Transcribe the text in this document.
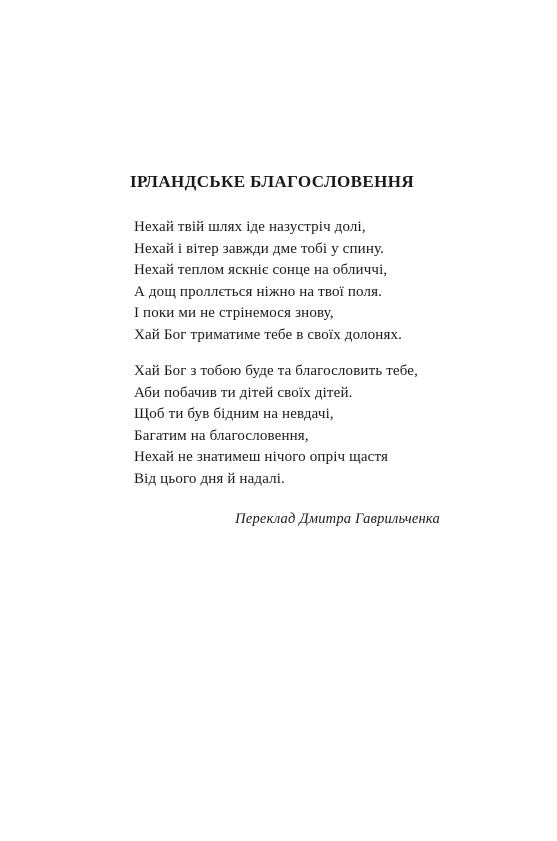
ІРЛАНДСЬКЕ БЛАГОСЛОВЕННЯ
Нехай твій шлях іде назустріч долі,
Нехай і вітер завжди дме тобі у спину.
Нехай теплом яскніє сонце на обличчі,
А дощ проллється ніжно на твої поля.
І поки ми не стрінемося знову,
Хай Бог триматиме тебе в своїх долонях.
Хай Бог з тобою буде та благословить тебе,
Аби побачив ти дітей своїх дітей.
Щоб ти був бідним на невдачі,
Багатим на благословення,
Нехай не знатимеш нічого опріч щастя
Від цього дня й надалі.
Переклад Дмитра Гаврильченка
